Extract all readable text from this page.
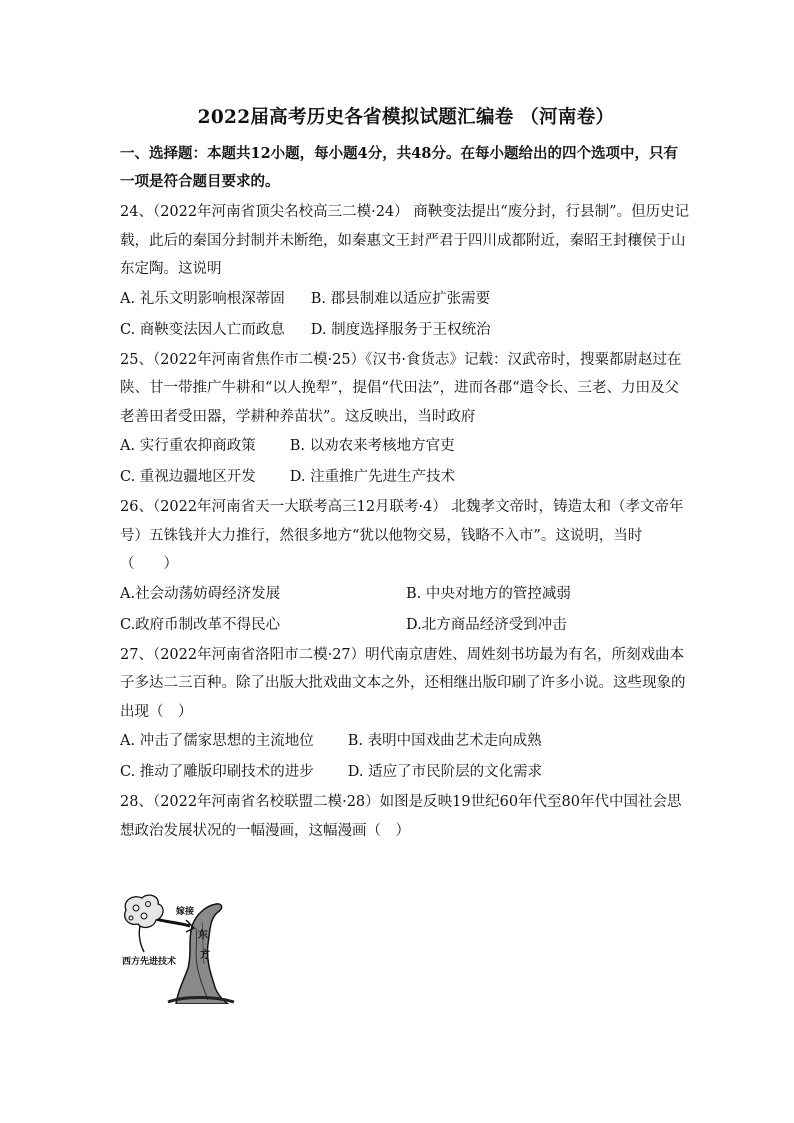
2022届高考历史各省模拟试题汇编卷 （河南卷）
一、选择题：本题共12小题，每小题4分，共48分。在每小题给出的四个选项中，只有一项是符合题目要求的。
24、（2022年河南省顶尖名校高三二模·24） 商鞅变法提出“废分封，行县制”。但历史记载，此后的秦国分封制并未断绝，如秦惠文王封严君于四川成都附近，秦昭王封穰侯于山东定陶。这说明
A. 礼乐文明影响根深蒂固 B. 郡县制难以适应扩张需要
C. 商鞅变法因人亡而政息 D. 制度选择服务于王权统治
25、（2022年河南省焦作市二模·25）《汉书·食货志》记载：汉武帝时，搜粟都尉赵过在陕、甘一带推广牛耕和“以人挽犁”，提倡“代田法”，进而各郡“遣令长、三老、力田及父老善田者受田器，学耕种养苗状”。这反映出，当时政府
A. 实行重农抑商政策 B. 以劝农来考核地方官吏
C. 重视边疆地区开发 D. 注重推广先进生产技术
26、（2022年河南省天一大联考高三12月联考·4） 北魏孝文帝时，铸造太和（孝文帝年号）五铢钱并大力推行，然很多地方“犹以他物交易，钱略不入市”。这说明，当时（　　）
A.社会动荡妨碍经济发展	B. 中央对地方的管控减弱
C.政府币制改革不得民心	D.北方商品经济受到冲击
27、（2022年河南省洛阳市二模·27）明代南京唐姓、周姓刻书坊最为有名，所刻戏曲本子多达二三百种。除了出版大批戏曲文本之外，还相继出版印刷了许多小说。这些现象的出现（　）
A. 冲击了儒家思想的主流地位 B. 表明中国戏曲艺术走向成熟
C. 推动了雕版印刷技术的进步 D. 适应了市民阶层的文化需求
28、（2022年河南省名校联盟二模·28）如图是反映19世纪60年代至80年代中国社会思想政治发展状况的一幅漫画，这幅漫画（　）
嫁接
西方先进技术
东
方
